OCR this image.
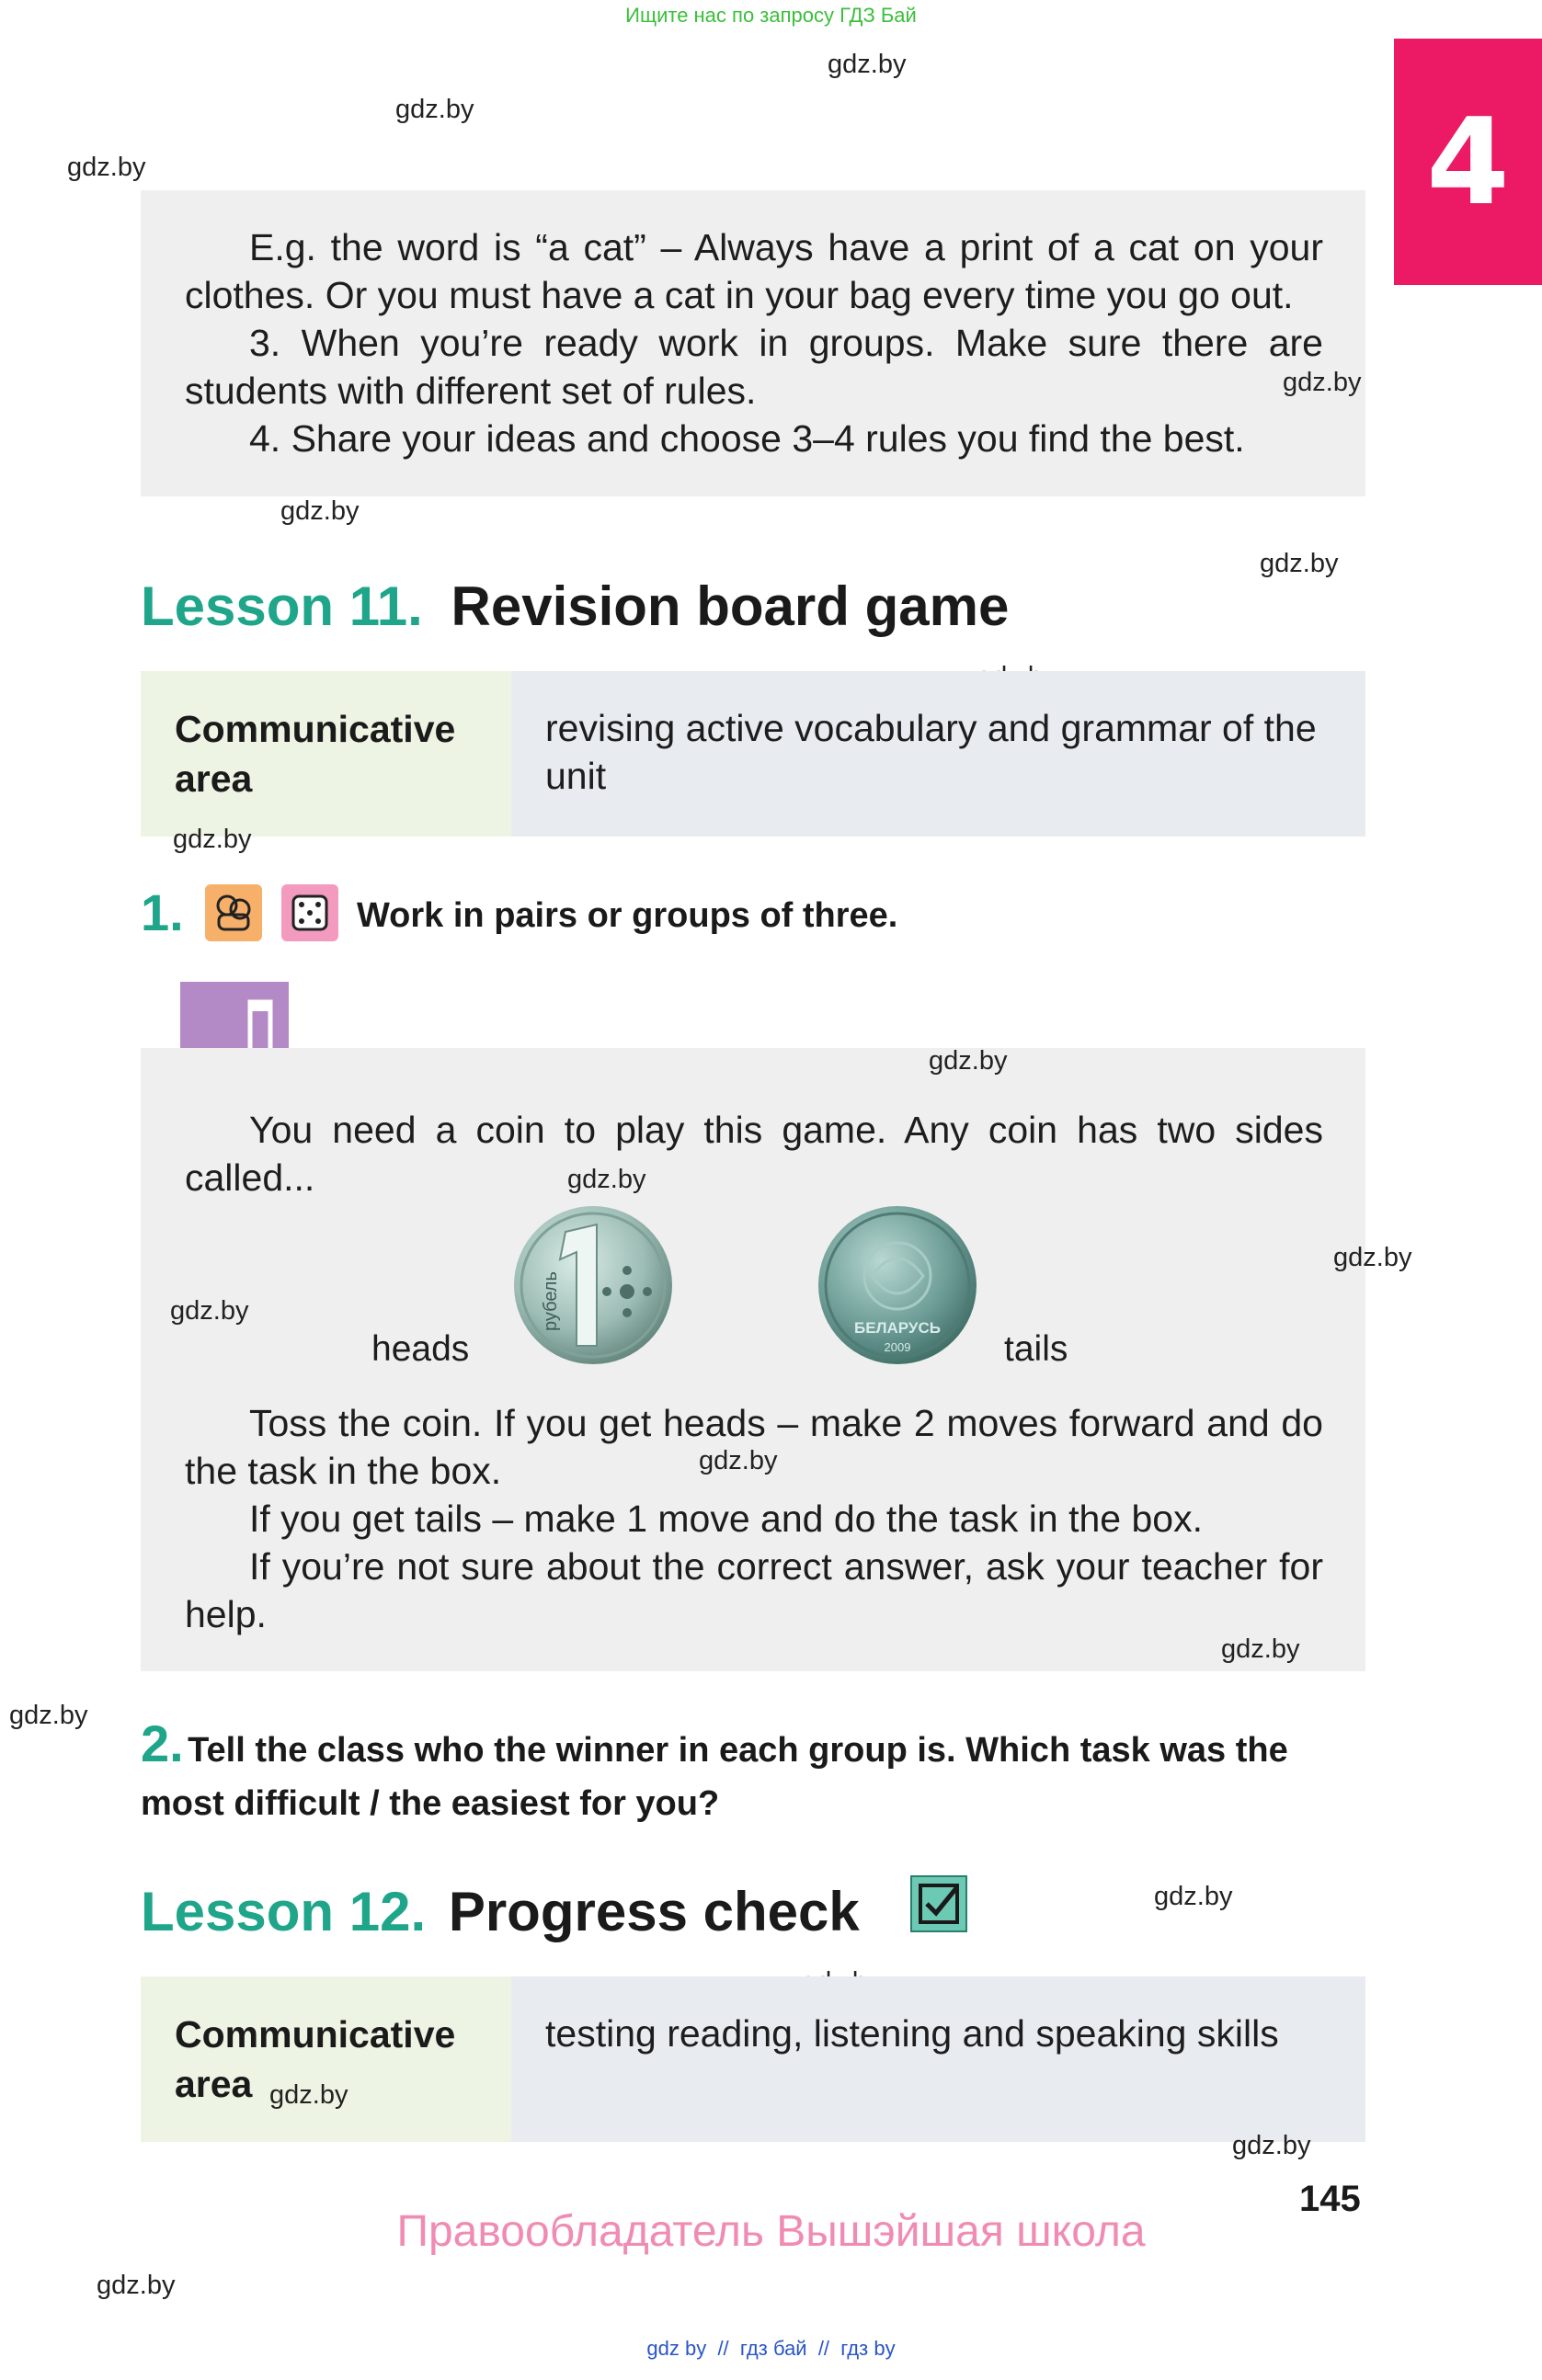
Ищите нас по запросу ГДЗ Бай
4
gdz.by
gdz.by
gdz.by

E.g. the word is “a cat” – Always have a print of a cat on your clothes. Or you must have a cat in your bag every time you go out.

3. When you’re ready work in groups. Make sure there are students with different set of rules.

4. Share your ideas and choose 3–4 rules you find the best.

gdz.by
gdz.by
gdz.by
Lesson 11. Revision board game
Communicative area
revising active vocabulary and grammar of the unit
gdz.by
1.	Work in pairs or groups of three.
gdz.by

You need a coin to play this game. Any coin has two sides called...	gdz.by
рубель
heads
БЕЛАРУСЬ
2009	tails
gdz.by
gdz.by

Toss the coin. If you get heads – make 2 moves forward and do the task in the box.

If you get tails – make 1 move and do the task in the box.

If you’re not sure about the correct answer, ask your teacher for help.

gdz.by
gdz.by
gdz.by 2. Tell the class who the winner in each group is. Which task was the most difficult / the easiest for you?
Lesson 12. Progress check	gdz.by
Communicative area
testing reading, listening and speaking skills
gdz.by
gdz.by
145
Правообладатель Вышэйшая школа
gdz.by
gdz by  //  гдз бай  //  гдз by
